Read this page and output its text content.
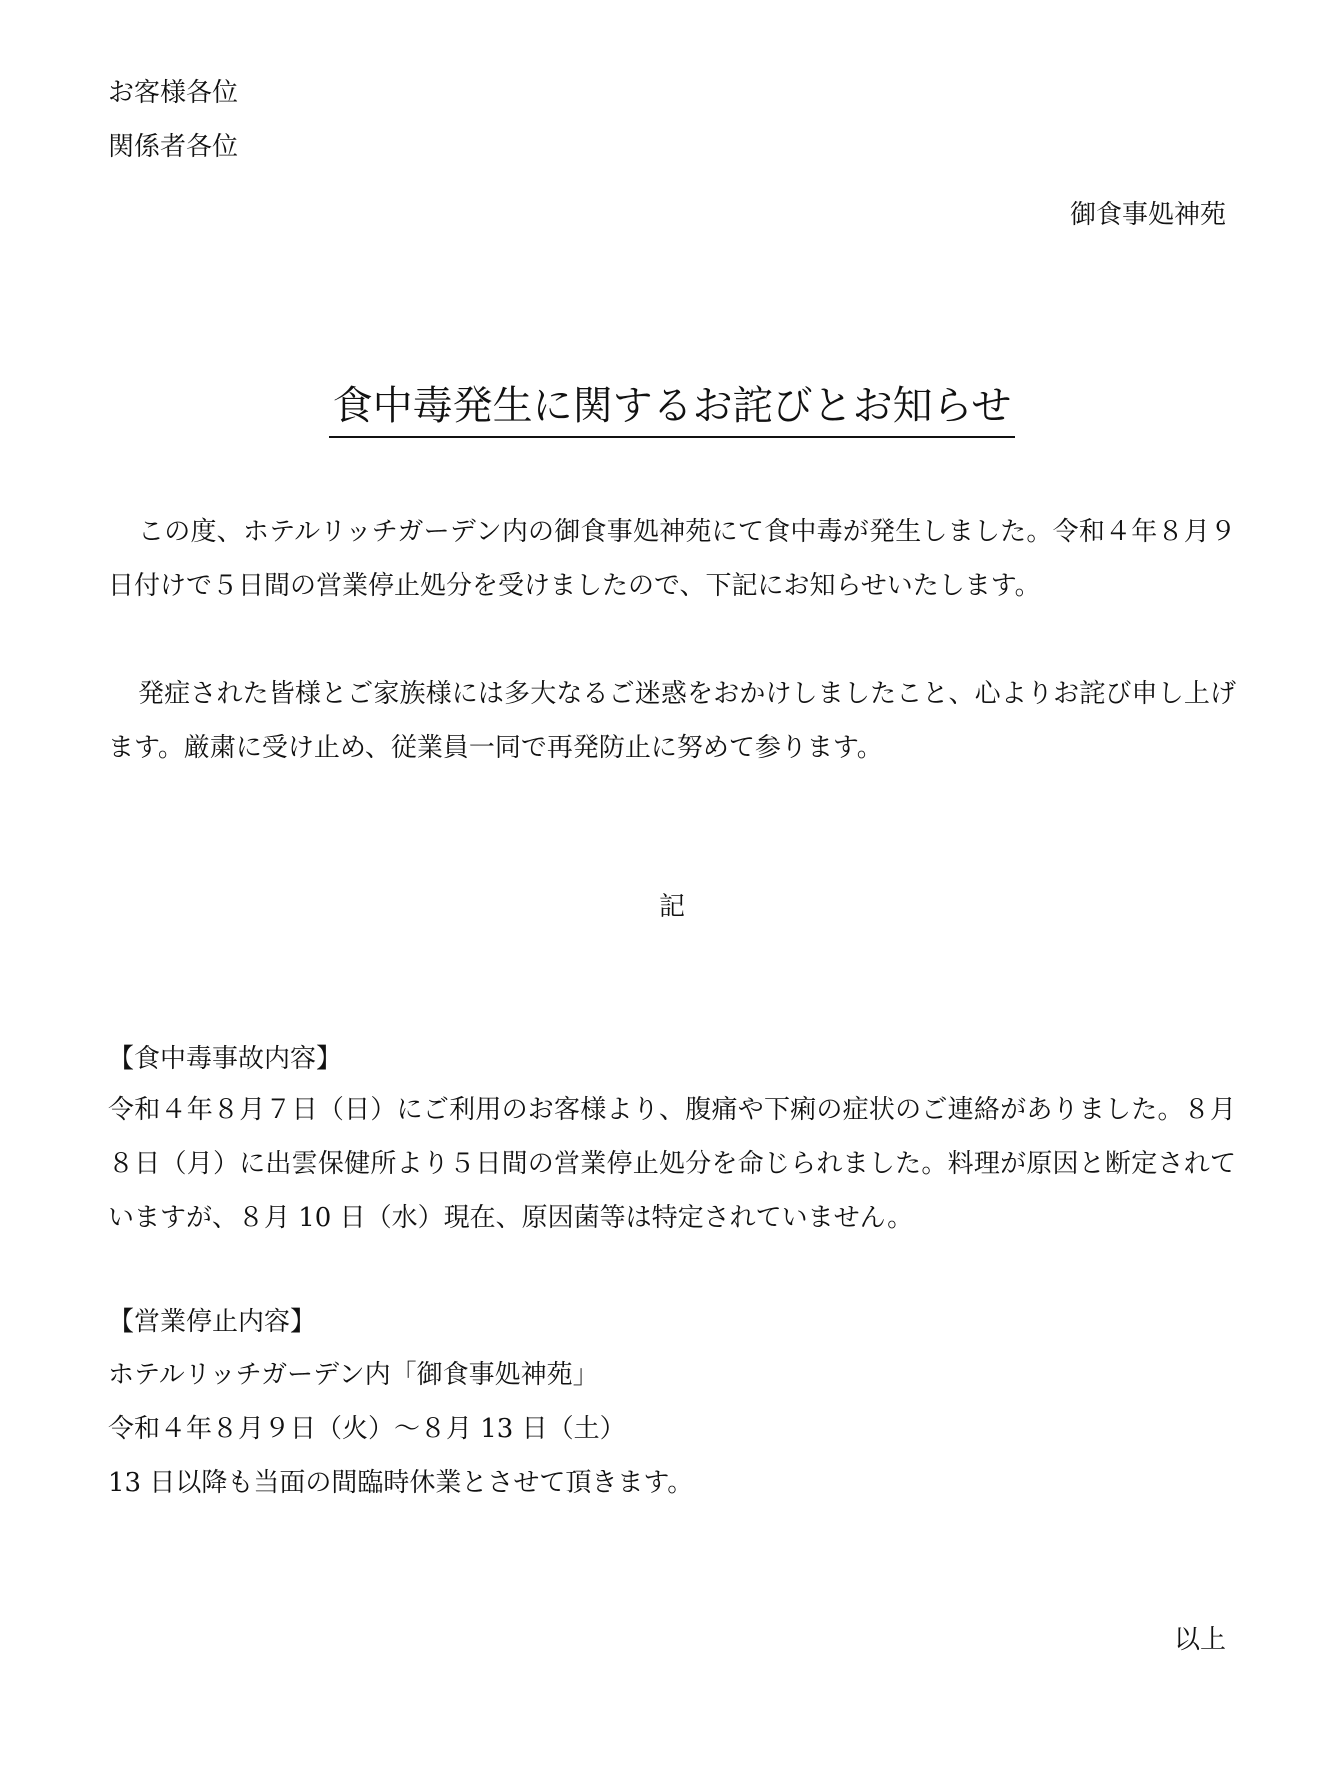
お客様各位
関係者各位
御食事処神苑
食中毒発生に関するお詫びとお知らせ
この度、ホテルリッチガーデン内の御食事処神苑にて食中毒が発生しました。令和４年８月９日付けで５日間の営業停止処分を受けましたので、下記にお知らせいたします。
発症された皆様とご家族様には多大なるご迷惑をおかけしましたこと、心よりお詫び申し上げます。厳粛に受け止め、従業員一同で再発防止に努めて参ります。
記
【食中毒事故内容】
令和４年８月７日（日）にご利用のお客様より、腹痛や下痢の症状のご連絡がありました。８月８日（月）に出雲保健所より５日間の営業停止処分を命じられました。料理が原因と断定されていますが、８月 10 日（水）現在、原因菌等は特定されていません。
【営業停止内容】
ホテルリッチガーデン内「御食事処神苑」
令和４年８月９日（火）～８月 13 日（土）
13 日以降も当面の間臨時休業とさせて頂きます。
以上
